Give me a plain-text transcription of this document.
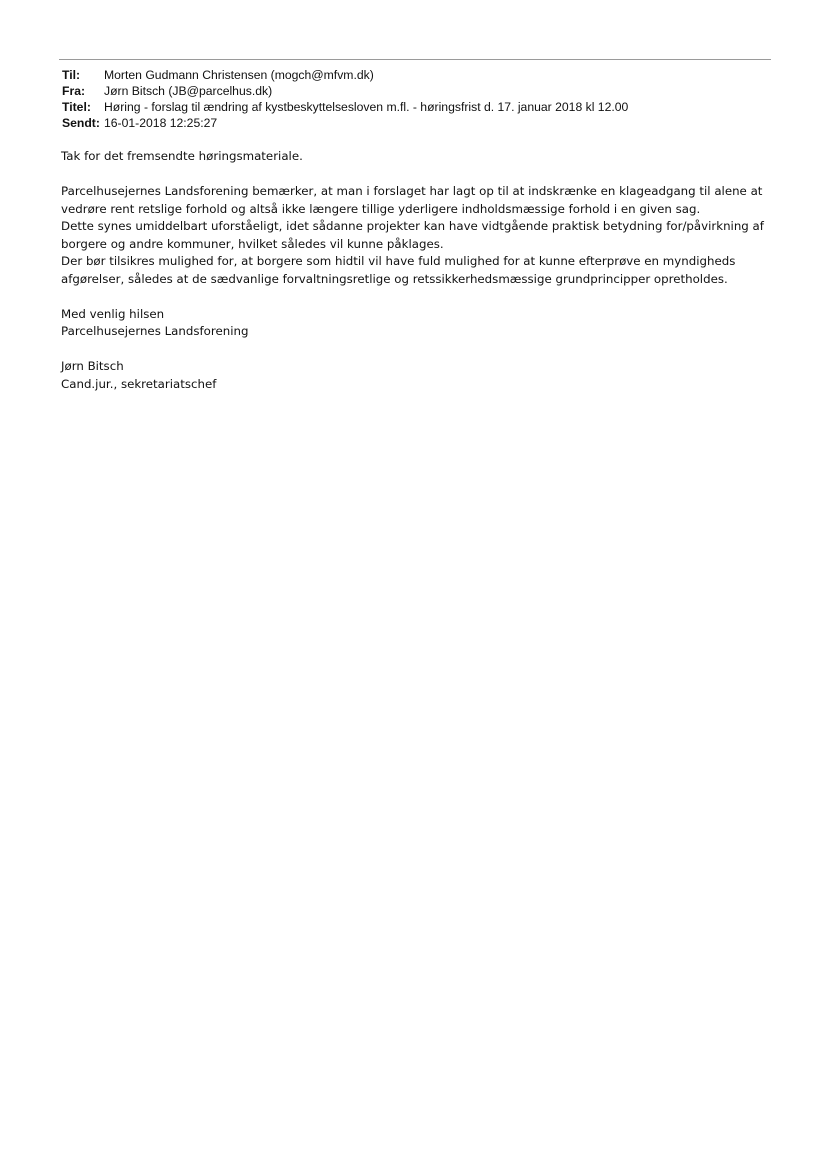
Til:	Morten Gudmann Christensen (mogch@mfvm.dk)
Fra:	Jørn Bitsch (JB@parcelhus.dk)
Titel:	Høring - forslag til ændring af kystbeskyttelsesloven m.fl. - høringsfrist d. 17. januar 2018 kl 12.00
Sendt: 16-01-2018 12:25:27

Tak for det fremsendte høringsmateriale.

Parcelhusejernes Landsforening bemærker, at man i forslaget har lagt op til at indskrænke en klageadgang til alene at

vedrøre rent retslige forhold og altså ikke længere tillige yderligere indholdsmæssige forhold i en given sag.

Dette synes umiddelbart uforståeligt, idet sådanne projekter kan have vidtgående praktisk betydning for/påvirkning af

borgere og andre kommuner, hvilket således vil kunne påklages.

Der bør tilsikres mulighed for, at borgere som hidtil vil have fuld mulighed for at kunne efterprøve en myndigheds

afgørelser, således at de sædvanlige forvaltningsretlige og retssikkerhedsmæssige grundprincipper opretholdes.

Med venlig hilsen

Parcelhusejernes Landsforening

Jørn Bitsch

Cand.jur., sekretariatschef
